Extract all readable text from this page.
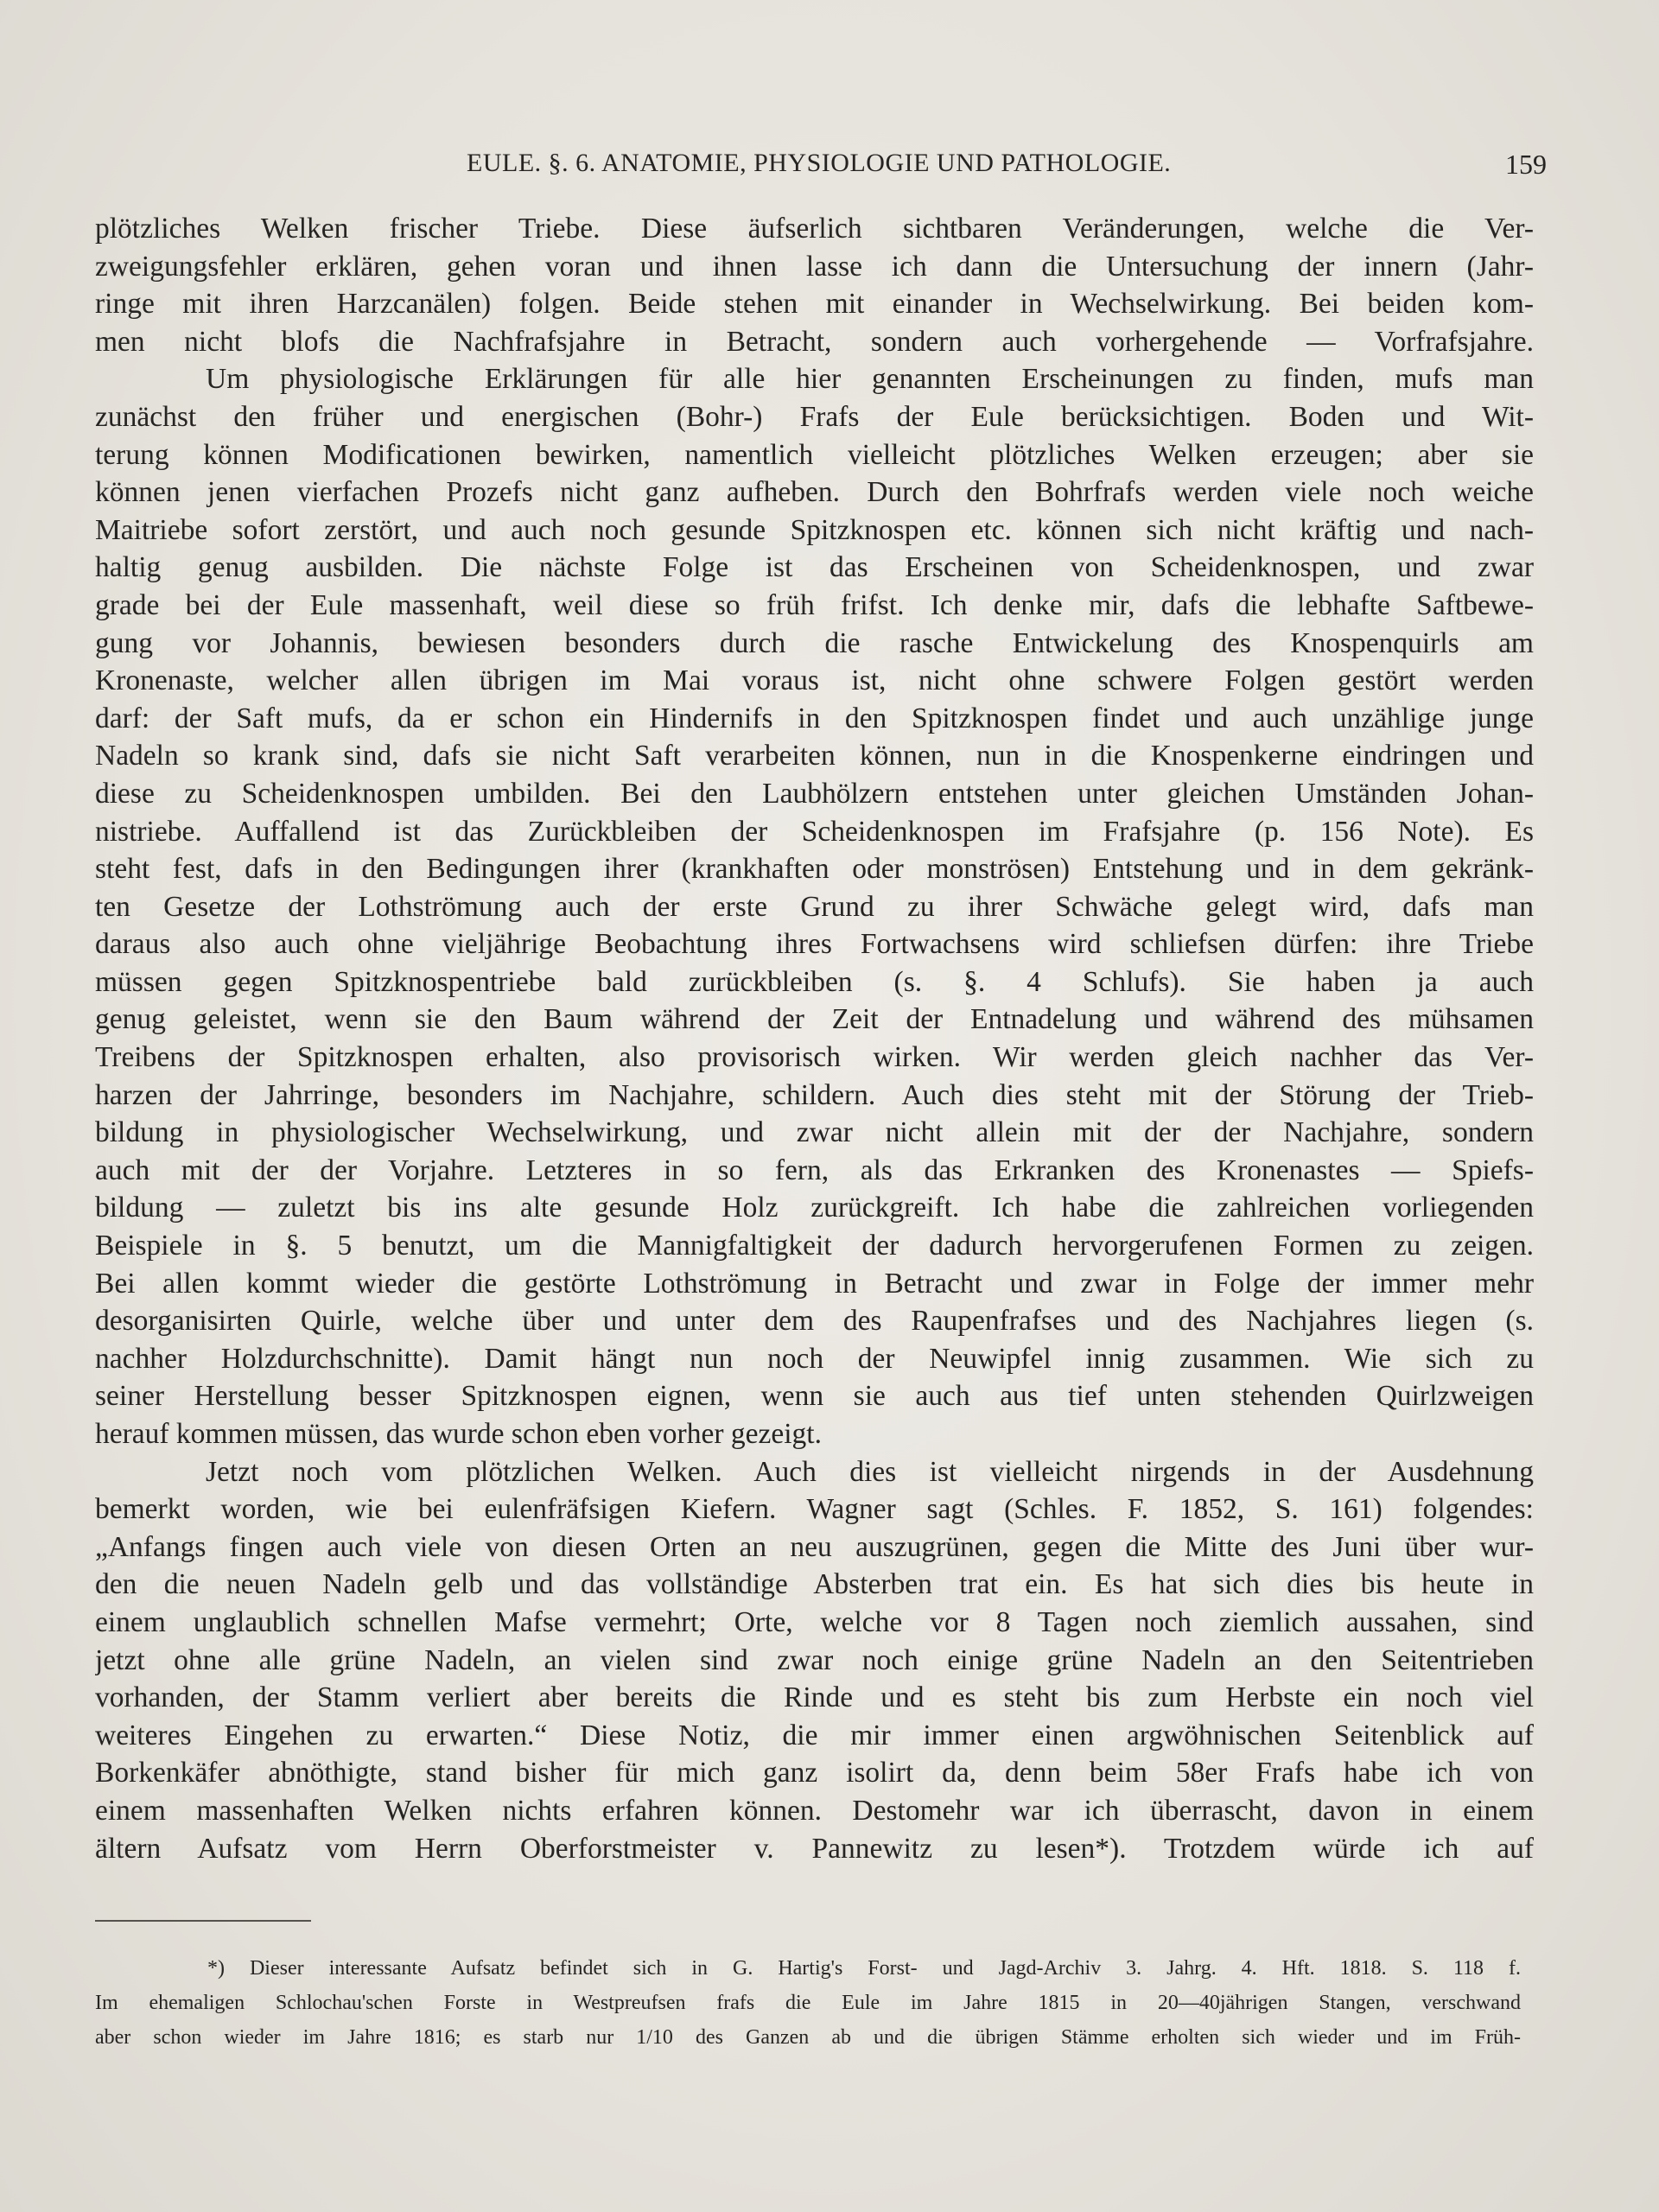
EULE. §. 6. ANATOMIE, PHYSIOLOGIE UND PATHOLOGIE.	159
plötzliches Welken frischer Triebe. Diese äufserlich sichtbaren Veränderungen, welche die Ver-
zweigungsfehler erklären, gehen voran und ihnen lasse ich dann die Untersuchung der innern (Jahr-
ringe mit ihren Harzcanälen) folgen. Beide stehen mit einander in Wechselwirkung. Bei beiden kom-
men nicht blofs die Nachfrafsjahre in Betracht, sondern auch vorhergehende — Vorfrafsjahre.
Um physiologische Erklärungen für alle hier genannten Erscheinungen zu finden, mufs man
zunächst den früher und energischen (Bohr-) Frafs der Eule berücksichtigen. Boden und Wit-
terung können Modificationen bewirken, namentlich vielleicht plötzliches Welken erzeugen; aber sie
können jenen vierfachen Prozefs nicht ganz aufheben. Durch den Bohrfrafs werden viele noch weiche
Maitriebe sofort zerstört, und auch noch gesunde Spitzknospen etc. können sich nicht kräftig und nach-
haltig genug ausbilden. Die nächste Folge ist das Erscheinen von Scheidenknospen, und zwar
grade bei der Eule massenhaft, weil diese so früh frifst. Ich denke mir, dafs die lebhafte Saftbewe-
gung vor Johannis, bewiesen besonders durch die rasche Entwickelung des Knospenquirls am
Kronenaste, welcher allen übrigen im Mai voraus ist, nicht ohne schwere Folgen gestört werden
darf: der Saft mufs, da er schon ein Hindernifs in den Spitzknospen findet und auch unzählige junge
Nadeln so krank sind, dafs sie nicht Saft verarbeiten können, nun in die Knospenkerne eindringen und
diese zu Scheidenknospen umbilden. Bei den Laubhölzern entstehen unter gleichen Umständen Johan-
nistriebe. Auffallend ist das Zurückbleiben der Scheidenknospen im Frafsjahre (p. 156 Note). Es
steht fest, dafs in den Bedingungen ihrer (krankhaften oder monströsen) Entstehung und in dem gekränk-
ten Gesetze der Lothströmung auch der erste Grund zu ihrer Schwäche gelegt wird, dafs man
daraus also auch ohne vieljährige Beobachtung ihres Fortwachsens wird schliefsen dürfen: ihre Triebe
müssen gegen Spitzknospentriebe bald zurückbleiben (s. §. 4 Schlufs). Sie haben ja auch
genug geleistet, wenn sie den Baum während der Zeit der Entnadelung und während des mühsamen
Treibens der Spitzknospen erhalten, also provisorisch wirken. Wir werden gleich nachher das Ver-
harzen der Jahrringe, besonders im Nachjahre, schildern. Auch dies steht mit der Störung der Trieb-
bildung in physiologischer Wechselwirkung, und zwar nicht allein mit der der Nachjahre, sondern
auch mit der der Vorjahre. Letzteres in so fern, als das Erkranken des Kronenastes — Spiefs-
bildung — zuletzt bis ins alte gesunde Holz zurückgreift. Ich habe die zahlreichen vorliegenden
Beispiele in §. 5 benutzt, um die Mannigfaltigkeit der dadurch hervorgerufenen Formen zu zeigen.
Bei allen kommt wieder die gestörte Lothströmung in Betracht und zwar in Folge der immer mehr
desorganisirten Quirle, welche über und unter dem des Raupenfrafses und des Nachjahres liegen (s.
nachher Holzdurchschnitte). Damit hängt nun noch der Neuwipfel innig zusammen. Wie sich zu
seiner Herstellung besser Spitzknospen eignen, wenn sie auch aus tief unten stehenden Quirlzweigen
herauf kommen müssen, das wurde schon eben vorher gezeigt.
Jetzt noch vom plötzlichen Welken. Auch dies ist vielleicht nirgends in der Ausdehnung
bemerkt worden, wie bei eulenfräfsigen Kiefern. Wagner sagt (Schles. F. 1852, S. 161) folgendes:
„Anfangs fingen auch viele von diesen Orten an neu auszugrünen, gegen die Mitte des Juni über wur-
den die neuen Nadeln gelb und das vollständige Absterben trat ein. Es hat sich dies bis heute in
einem unglaublich schnellen Mafse vermehrt; Orte, welche vor 8 Tagen noch ziemlich aussahen, sind
jetzt ohne alle grüne Nadeln, an vielen sind zwar noch einige grüne Nadeln an den Seitentrieben
vorhanden, der Stamm verliert aber bereits die Rinde und es steht bis zum Herbste ein noch viel
weiteres Eingehen zu erwarten.“ Diese Notiz, die mir immer einen argwöhnischen Seitenblick auf
Borkenkäfer abnöthigte, stand bisher für mich ganz isolirt da, denn beim 58er Frafs habe ich von
einem massenhaften Welken nichts erfahren können. Destomehr war ich überrascht, davon in einem
ältern Aufsatz vom Herrn Oberforstmeister v. Pannewitz zu lesen*). Trotzdem würde ich auf
*) Dieser interessante Aufsatz befindet sich in G. Hartig's Forst- und Jagd-Archiv 3. Jahrg. 4. Hft. 1818. S. 118 f.
Im ehemaligen Schlochau'schen Forste in Westpreufsen frafs die Eule im Jahre 1815 in 20—40jährigen Stangen, verschwand
aber schon wieder im Jahre 1816; es starb nur 1/10 des Ganzen ab und die übrigen Stämme erholten sich wieder und im Früh-
